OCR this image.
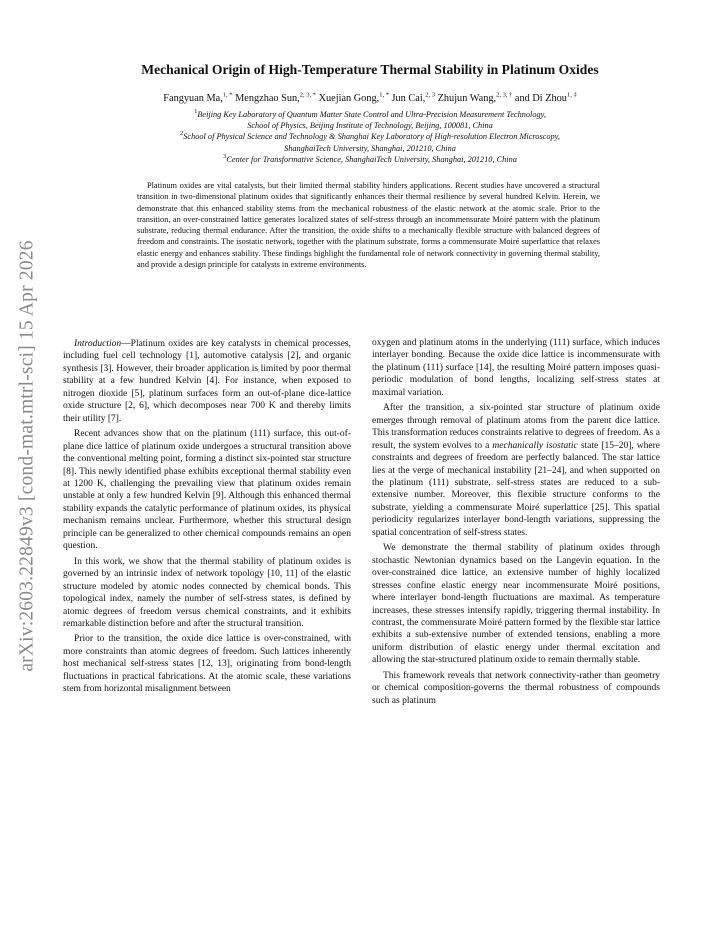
arXiv:2603.22849v3 [cond-mat.mtrl-sci] 15 Apr 2026
Mechanical Origin of High-Temperature Thermal Stability in Platinum Oxides
Fangyuan Ma,$^{1, *}$ Mengzhao Sun,$^{2, 3, *}$ Xuejian Gong,$^{1, *}$ Jun Cai,$^{2, 3}$ Zhujun Wang,$^{2, 3, \dagger}$ and Di Zhou$^{1, \ddagger}$
$^1$Beijing Key Laboratory of Quantum Matter State Control and Ultra-Precision Measurement Technology,
School of Physics, Beijing Institute of Technology, Beijing, 100081, China
$^2$School of Physical Science and Technology & Shanghai Key Laboratory of High-resolution Electron Microscopy,
ShanghaiTech University, Shanghai, 201210, China
$^3$Center for Transformative Science, ShanghaiTech University, Shanghai, 201210, China

Platinum oxides are vital catalysts, but their limited thermal stability hinders applications. Recent studies have uncovered a structural transition in two-dimensional platinum oxides that significantly enhances their thermal resilience by several hundred Kelvin. Herein, we demonstrate that this enhanced stability stems from the mechanical robustness of the elastic network at the atomic scale. Prior to the transition, an over-constrained lattice generates localized states of self-stress through an incommensurate Moiré pattern with the platinum substrate, reducing thermal endurance. After the transition, the oxide shifts to a mechanically flexible structure with balanced degrees of freedom and constraints. The isostatic network, together with the platinum substrate, forms a commensurate Moiré superlattice that relaxes elastic energy and enhances stability. These findings highlight the fundamental role of network connectivity in governing thermal stability, and provide a design principle for catalysts in extreme environments.

Introduction—Platinum oxides are key catalysts in chemical processes, including fuel cell technology [1], automotive catalysis [2], and organic synthesis [3]. However, their broader application is limited by poor thermal stability at a few hundred Kelvin [4]. For instance, when exposed to nitrogen dioxide [5], platinum surfaces form an out-of-plane dice-lattice oxide structure [2, 6], which decomposes near 700 K and thereby limits their utility [7].

Recent advances show that on the platinum (111) surface, this out-of-plane dice lattice of platinum oxide undergoes a structural transition above the conventional melting point, forming a distinct six-pointed star structure [8]. This newly identified phase exhibits exceptional thermal stability even at 1200 K, challenging the prevailing view that platinum oxides remain unstable at only a few hundred Kelvin [9]. Although this enhanced thermal stability expands the catalytic performance of platinum oxides, its physical mechanism remains unclear. Furthermore, whether this structural design principle can be generalized to other chemical compounds remains an open question.

In this work, we show that the thermal stability of platinum oxides is governed by an intrinsic index of network topology [10, 11] of the elastic structure modeled by atomic nodes connected by chemical bonds. This topological index, namely the number of self-stress states, is defined by atomic degrees of freedom versus chemical constraints, and it exhibits remarkable distinction before and after the structural transition.

Prior to the transition, the oxide dice lattice is over-constrained, with more constraints than atomic degrees of freedom. Such lattices inherently host mechanical self-stress states [12, 13], originating from bond-length fluctuations in practical fabrications. At the atomic scale, these variations stem from horizontal misalignment between

oxygen and platinum atoms in the underlying (111) surface, which induces interlayer bonding. Because the oxide dice lattice is incommensurate with the platinum (111) surface [14], the resulting Moiré pattern imposes quasi-periodic modulation of bond lengths, localizing self-stress states at maximal variation.

After the transition, a six-pointed star structure of platinum oxide emerges through removal of platinum atoms from the parent dice lattice. This transformation reduces constraints relative to degrees of freedom. As a result, the system evolves to a mechanically isostatic state [15–20], where constraints and degrees of freedom are perfectly balanced. The star lattice lies at the verge of mechanical instability [21–24], and when supported on the platinum (111) substrate, self-stress states are reduced to a sub-extensive number. Moreover, this flexible structure conforms to the substrate, yielding a commensurate Moiré superlattice [25]. This spatial periodicity regularizes interlayer bond-length variations, suppressing the spatial concentration of self-stress states.

We demonstrate the thermal stability of platinum oxides through stochastic Newtonian dynamics based on the Langevin equation. In the over-constrained dice lattice, an extensive number of highly localized stresses confine elastic energy near incommensurate Moiré positions, where interlayer bond-length fluctuations are maximal. As temperature increases, these stresses intensify rapidly, triggering thermal instability. In contrast, the commensurate Moiré pattern formed by the flexible star lattice exhibits a sub-extensive number of extended tensions, enabling a more uniform distribution of elastic energy under thermal excitation and allowing the star-structured platinum oxide to remain thermally stable.

This framework reveals that network connectivity-rather than geometry or chemical composition-governs the thermal robustness of compounds such as platinum
